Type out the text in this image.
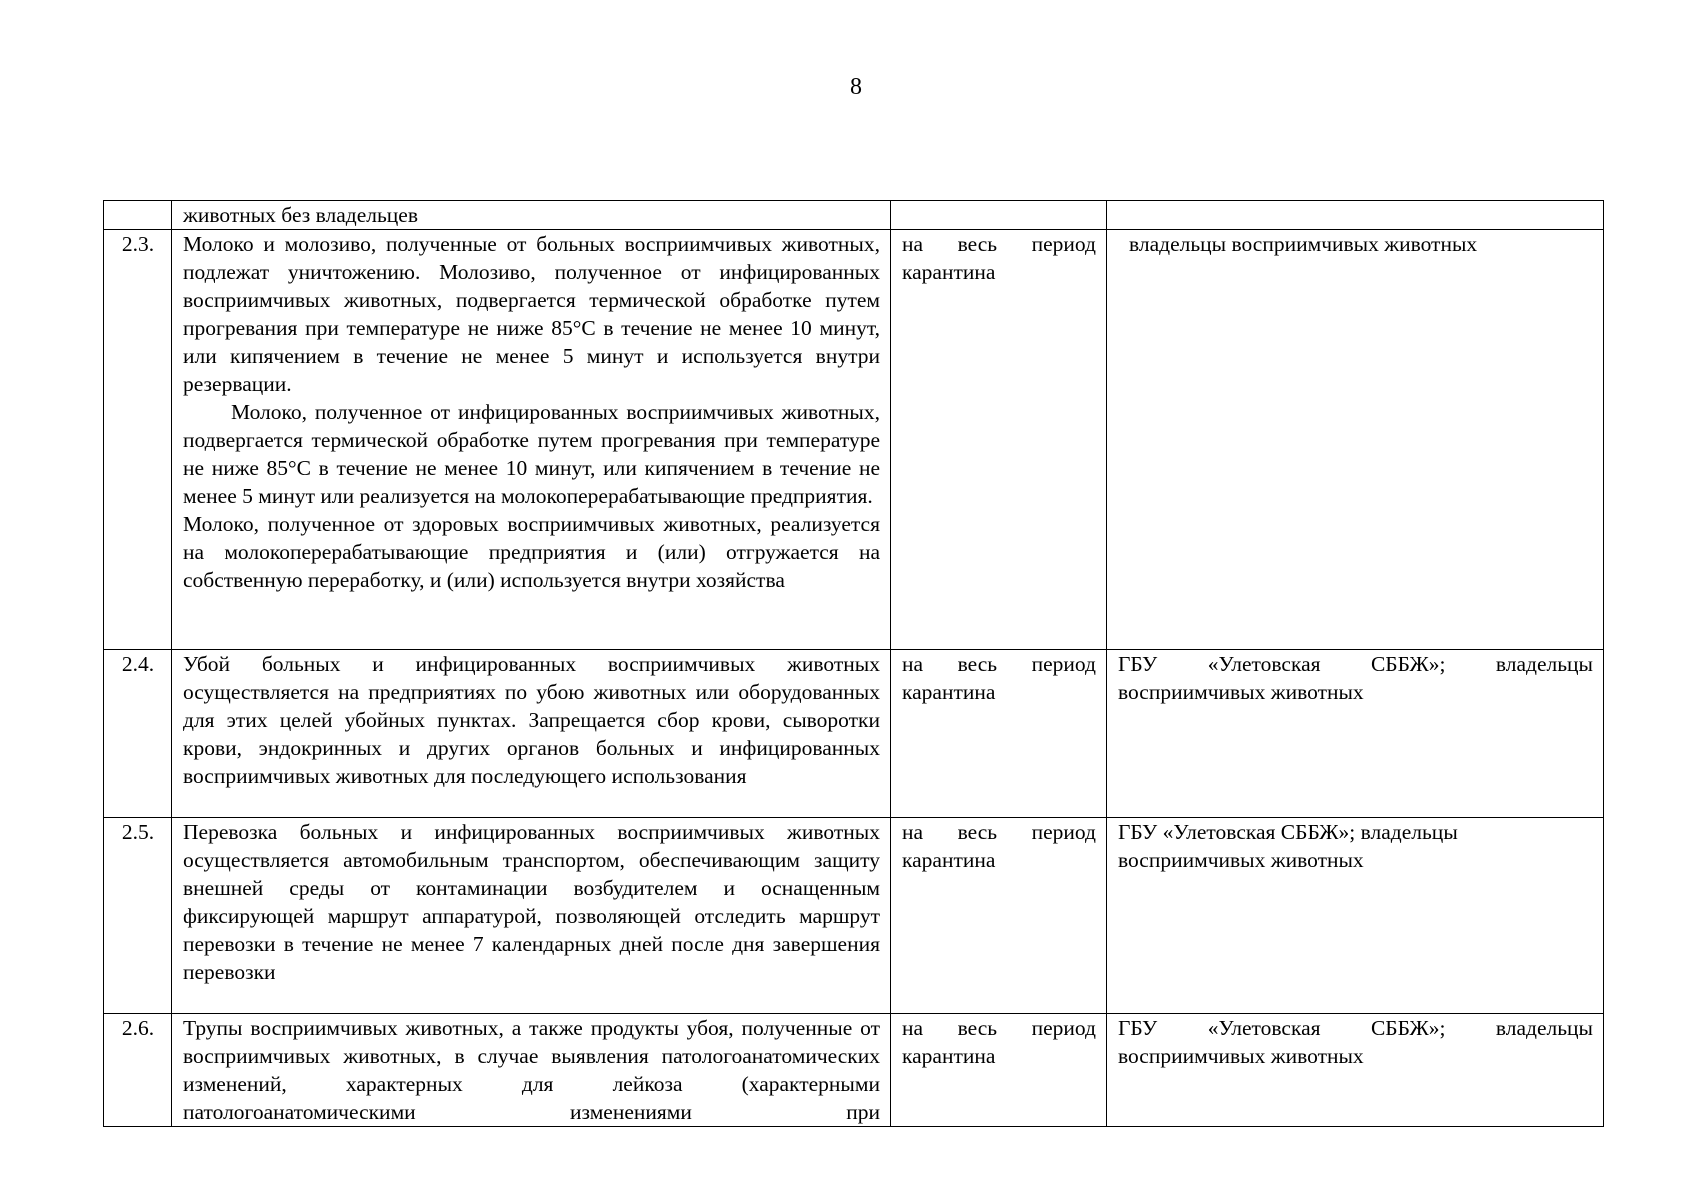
8

	животных без владельцев		

2.3.	Молоко и молозиво, полученные от больных восприимчивых животных, подлежат уничтожению. Молозиво, полученное от инфицированных восприимчивых животных, подвергается термической обработке путем прогревания при температуре не ниже 85°С в течение не менее 10 минут, или кипячением в течение не менее 5 минут и используется внутри резервации.

Молоко, полученное от инфицированных восприимчивых животных, подвергается термической обработке путем прогревания при температуре не ниже 85°С в течение не менее 10 минут, или кипячением в течение не менее 5 минут или реализуется на молокоперерабатывающие предприятия.

Молоко, полученное от здоровых восприимчивых животных, реализуется на молокоперерабатывающие предприятия и (или) отгружается на собственную переработку, и (или) используется внутри хозяйства	на весь период карантина	владельцы восприимчивых животных
2.4.	Убой больных и инфицированных восприимчивых животных осуществляется на предприятиях по убою животных или оборудованных для этих целей убойных пунктах. Запрещается сбор крови, сыворотки крови, эндокринных и других органов больных и инфицированных восприимчивых животных для последующего использования	на весь период карантина	ГБУ «Улетовская СББЖ»; владельцы восприимчивых животных
2.5.	Перевозка больных и инфицированных восприимчивых животных осуществляется автомобильным транспортом, обеспечивающим защиту внешней среды от контаминации возбудителем и оснащенным фиксирующей маршрут аппаратурой, позволяющей отследить маршрут перевозки в течение не менее 7 календарных дней после дня завершения перевозки	на весь период карантина	ГБУ «Улетовская СББЖ»; владельцы восприимчивых животных
2.6.	Трупы восприимчивых животных, а также продукты убоя, полученные от восприимчивых животных, в случае выявления патологоанатомических изменений, характерных для лейкоза (характерными патологоанатомическими изменениями при	на весь период карантина	ГБУ «Улетовская СББЖ»; владельцы восприимчивых животных
